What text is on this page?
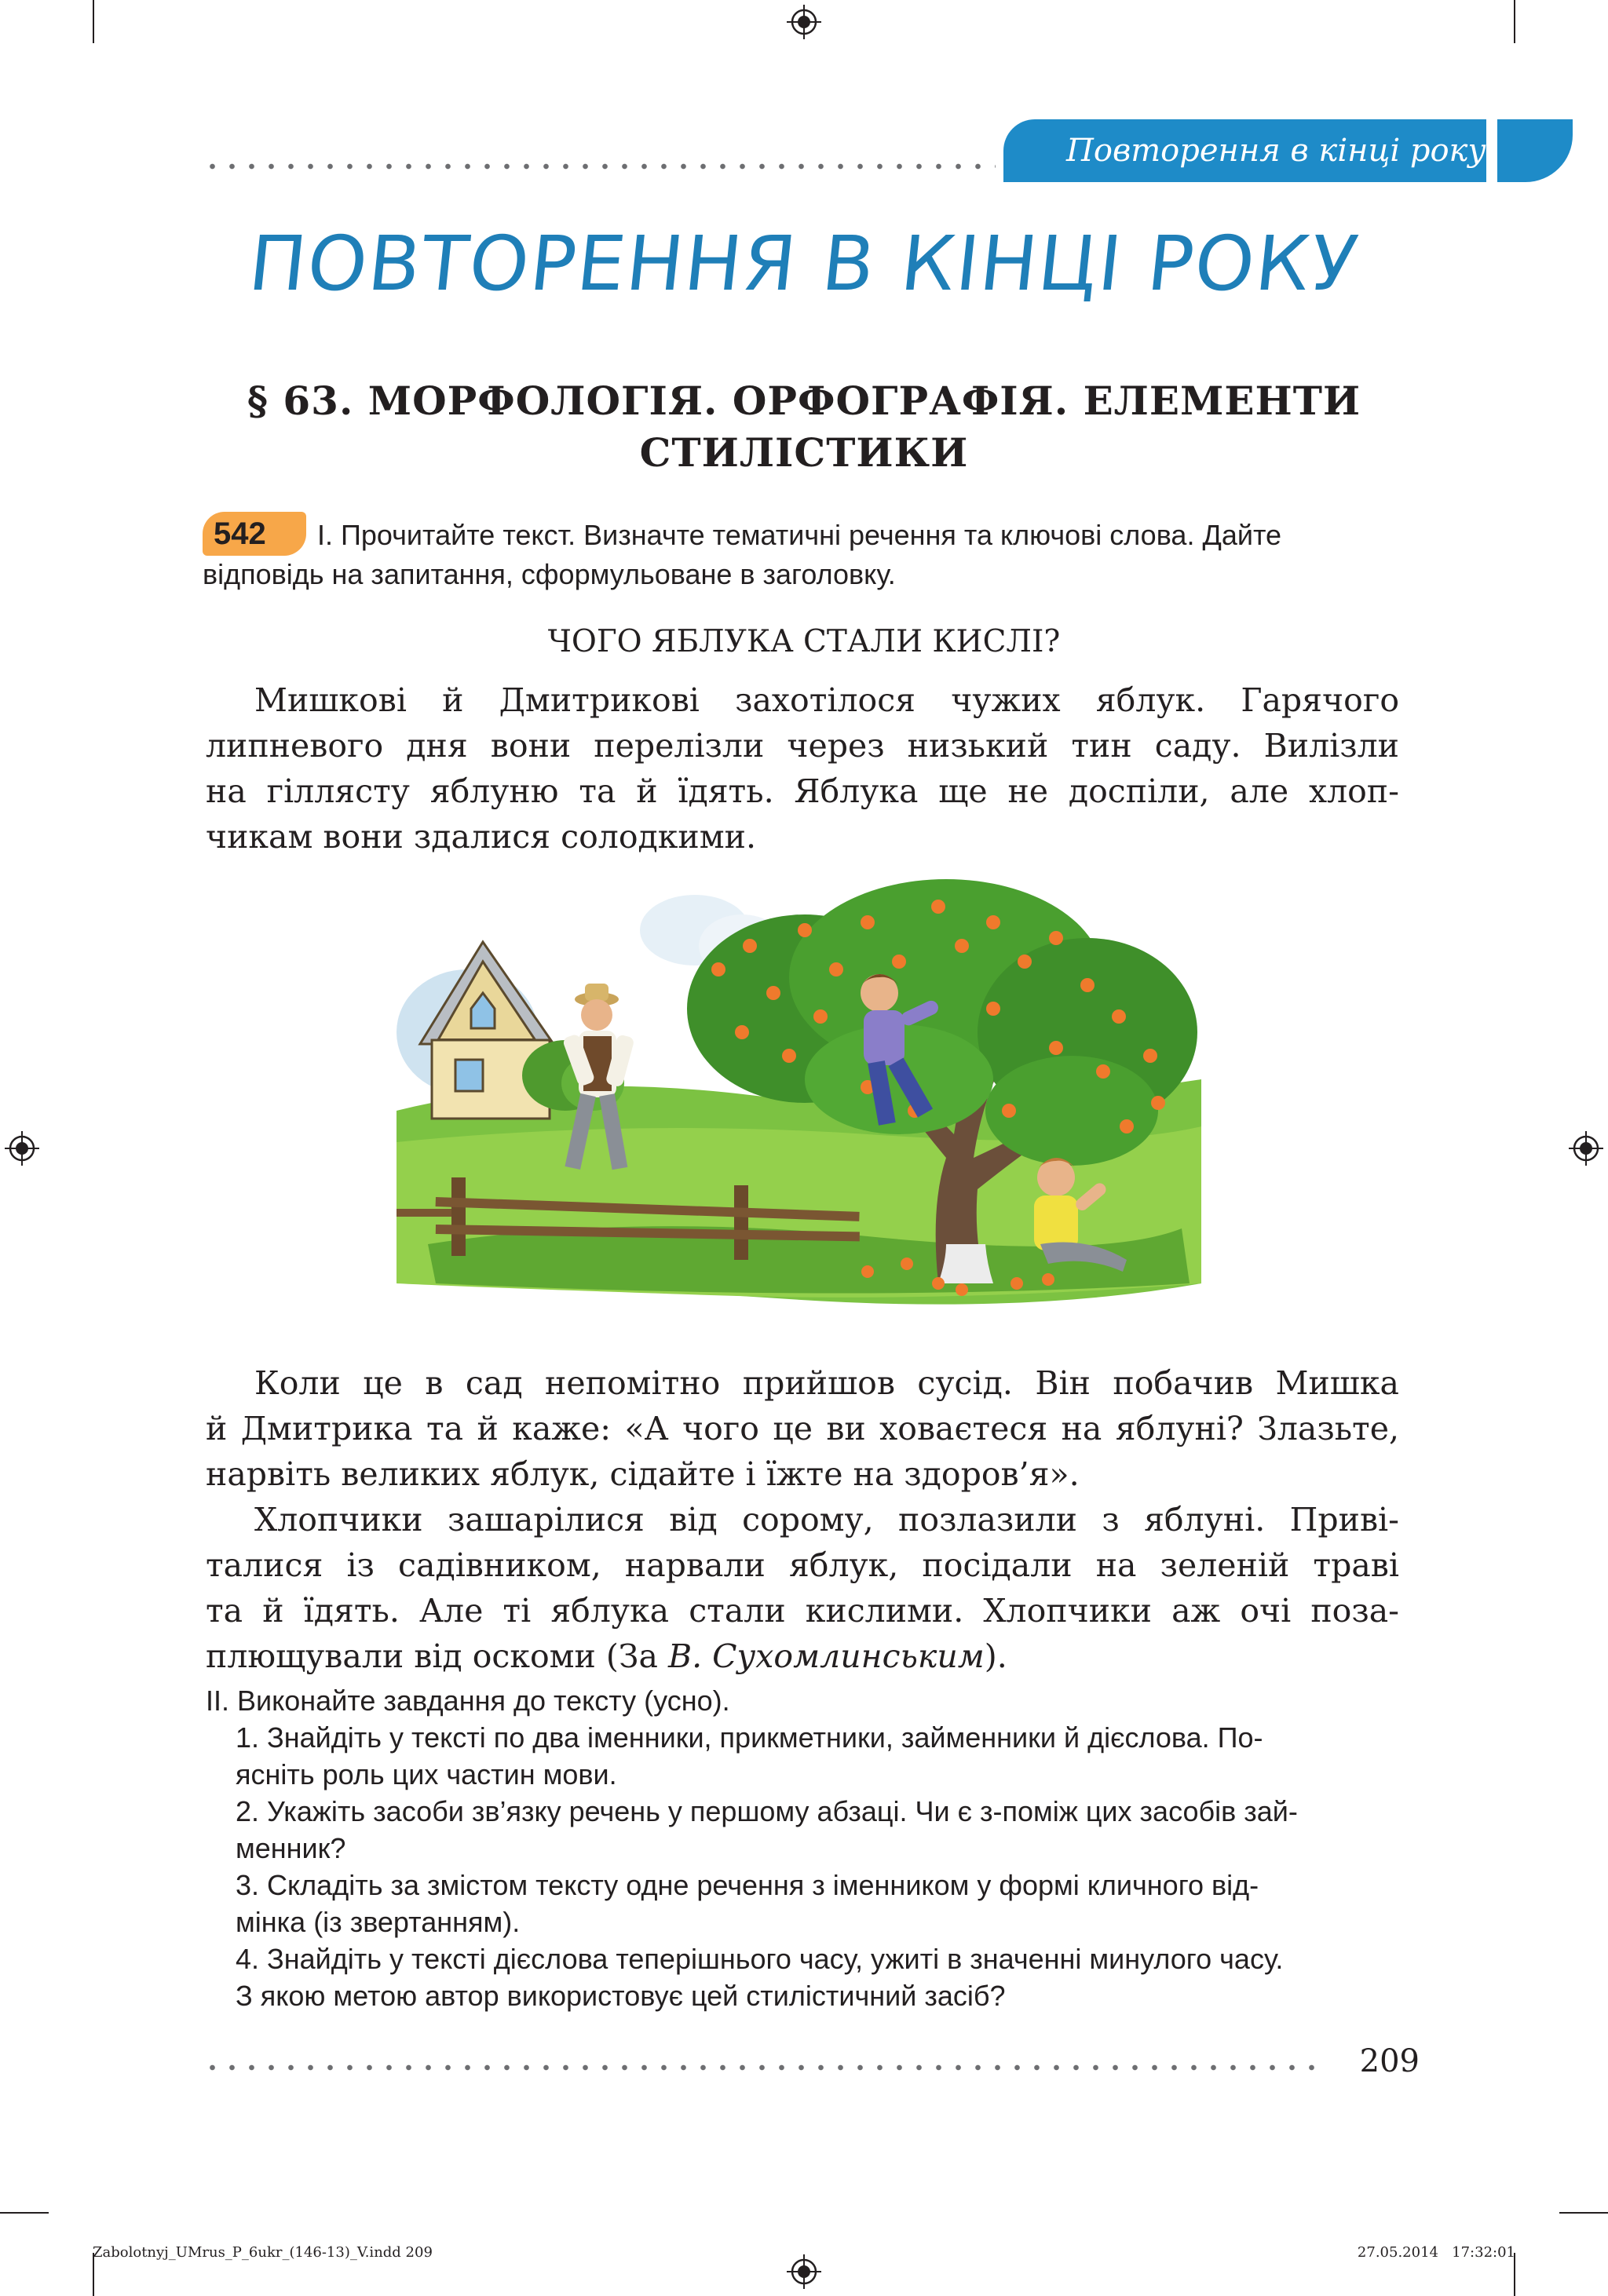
Повторення в кінці року
ПОВТОРЕННЯ В КІНЦІ РОКУ
§ 63. МОРФОЛОГІЯ. ОРФОГРАФІЯ. ЕЛЕМЕНТИ
СТИЛІСТИКИ
542	І. Прочитайте текст. Визначте тематичні речення та ключові слова. Дайте
відповідь на запитання, сформульоване в заголовку.
ЧОГО ЯБЛУКА СТАЛИ КИСЛІ?
Мишкові й Дмитрикові захотілося чужих яблук. Гарячого
липневого дня вони перелізли через низький тин саду. Вилізли
на гіллясту яблуню та й їдять. Яблука ще не доспіли, але хлоп-
чикам вони здалися солодкими.
Коли це в сад непомітно прийшов сусід. Він побачив Мишка
й Дмитрика та й каже: «А чого це ви ховаєтеся на яблуні? Злазьте,
нарвіть великих яблук, сідайте і їжте на здоров’я».
Хлопчики зашарілися від сорому, позлазили з яблуні. Приві-
талися із садівником, нарвали яблук, посідали на зеленій траві
та й їдять. Але ті яблука стали кислими. Хлопчики аж очі поза-
плющували від оскоми (За В. Сухомлинським).
ІІ. Виконайте завдання до тексту (усно).
1. Знайдіть у тексті по два іменники, прикметники, займенники й дієслова. По-
ясніть роль цих частин мови.
2. Укажіть засоби зв’язку речень у першому абзаці. Чи є з-поміж цих засобів зай-
менник?
3. Складіть за змістом тексту одне речення з іменником у формі кличного від-
мінка (із звертанням).
4. Знайдіть у тексті дієслова теперішнього часу, ужиті в значенні минулого часу.
З якою метою автор використовує цей стилістичний засіб?
209
Zabolotnyj_UMrus_P_6ukr_(146-13)_V.indd 209	27.05.2014 17:32:01
